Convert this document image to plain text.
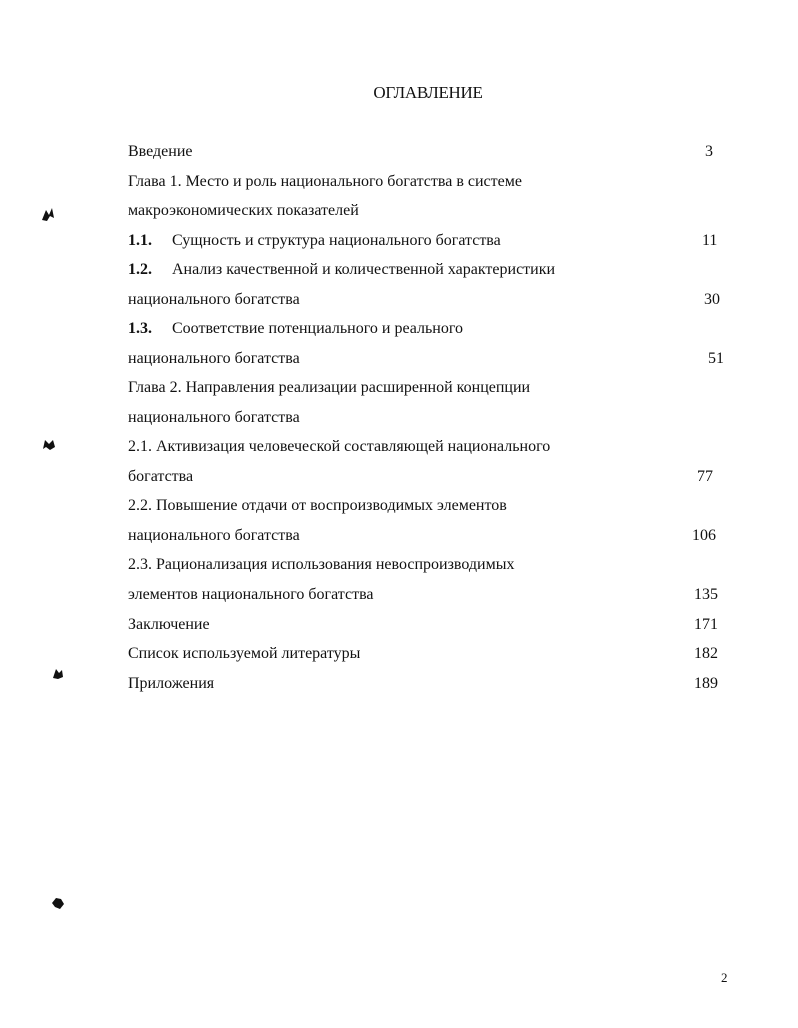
ОГЛАВЛЕНИЕ
Введение	3
Глава 1. Место и роль национального богатства в системе
макроэкономических показателей
1.1. Сущность и структура национального богатства	11
1.2. Анализ качественной и количественной характеристики
национального богатства	30
1.3. Соответствие потенциального и реального
национального богатства	51
Глава 2. Направления реализации расширенной концепции
национального богатства
2.1. Активизация человеческой составляющей национального
богатства	77
2.2. Повышение отдачи от воспроизводимых элементов
национального богатства	106
2.3. Рационализация использования невоспроизводимых
элементов национального богатства	135
Заключение	171
Список используемой литературы	182
Приложения	189
2
